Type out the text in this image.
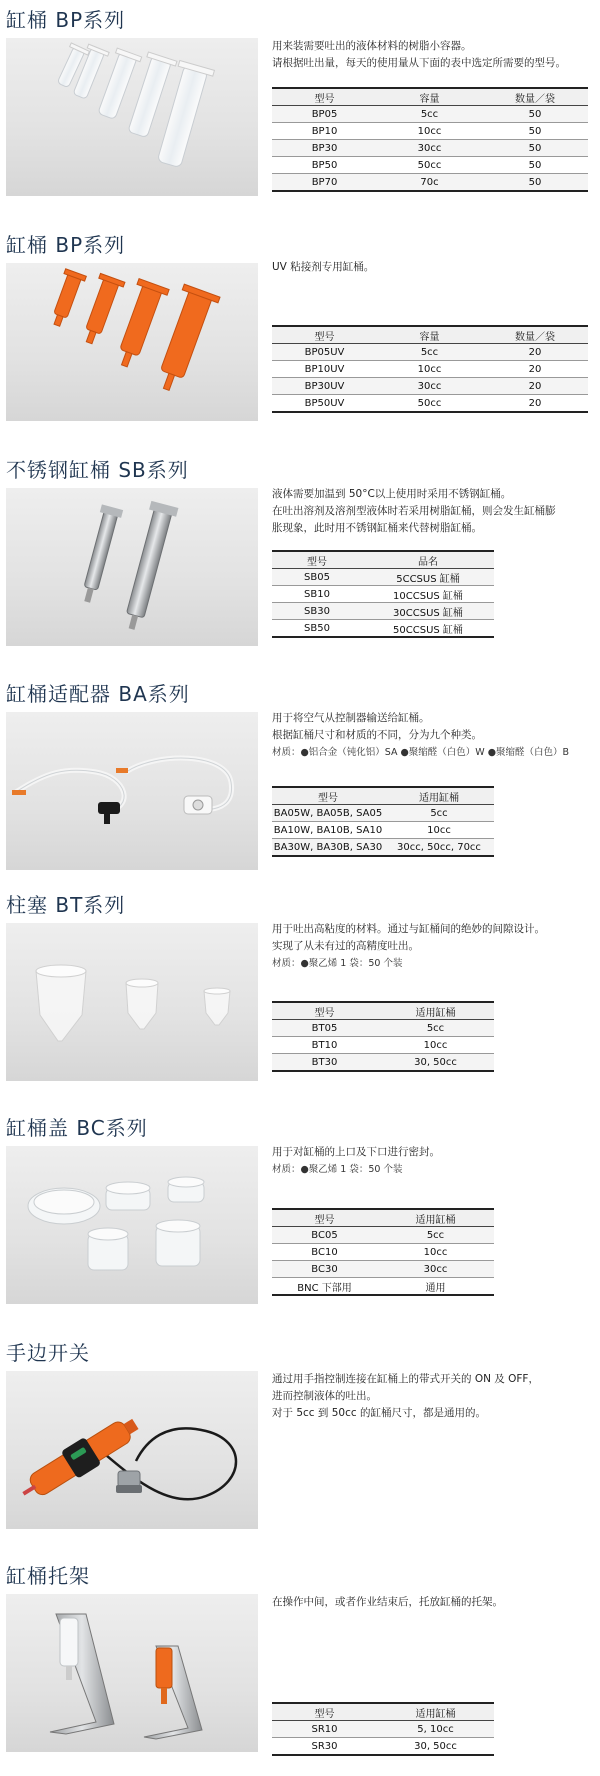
缸桶 BP系列
用来装需要吐出的液体材料的树脂小容器。
请根据吐出量，每天的使用量从下面的表中选定所需要的型号。
型号	容量	数量／袋
BP05	5cc	50
BP10	10cc	50
BP30	30cc	50
BP50	50cc	50
BP70	70c	50
缸桶 BP系列
UV 粘接剂专用缸桶。
型号	容量	数量／袋
BP05UV	5cc	20
BP10UV	10cc	20
BP30UV	30cc	20
BP50UV	50cc	20
不锈钢缸桶 SB系列
液体需要加温到 50°C以上使用时采用不锈钢缸桶。
在吐出溶剂及溶剂型液体时若采用树脂缸桶，则会发生缸桶膨
胀现象，此时用不锈钢缸桶来代替树脂缸桶。
型号	品名
SB05	5CCSUS 缸桶
SB10	10CCSUS 缸桶
SB30	30CCSUS 缸桶
SB50	50CCSUS 缸桶
缸桶适配器 BA系列
用于将空气从控制器输送给缸桶。
根据缸桶尺寸和材质的不同，分为九个种类。
材质：●铝合金（钝化铝）SA ●聚缩醛（白色）W ●聚缩醛（白色）B
型号	适用缸桶
BA05W, BA05B, SA05	5cc
BA10W, BA10B, SA10	10cc
BA30W, BA30B, SA30	30cc, 50cc, 70cc
柱塞 BT系列
用于吐出高粘度的材料。通过与缸桶间的绝妙的间隙设计。
实现了从未有过的高精度吐出。
材质：●聚乙烯 1 袋：50 个装
型号	适用缸桶
BT05	5cc
BT10	10cc
BT30	30, 50cc
缸桶盖 BC系列
用于对缸桶的上口及下口进行密封。
材质：●聚乙烯 1 袋：50 个装
型号	适用缸桶
BC05	5cc
BC10	10cc
BC30	30cc
BNC 下部用	通用
手边开关
通过用手指控制连接在缸桶上的带式开关的 ON 及 OFF，
进而控制液体的吐出。
对于 5cc 到 50cc 的缸桶尺寸，都是通用的。
缸桶托架
在操作中间，或者作业结束后，托放缸桶的托架。
型号	适用缸桶
SR10	5, 10cc
SR30	30, 50cc
